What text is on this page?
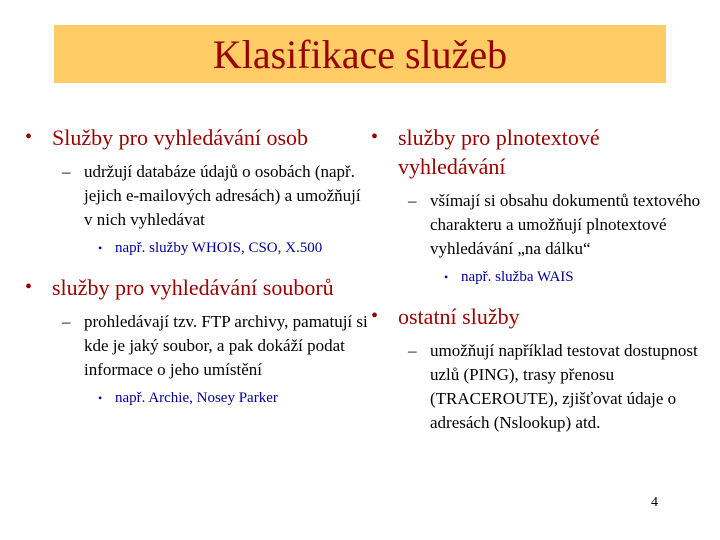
Klasifikace služeb
• Služby pro vyhledávání osob
– udržují databáze údajů o osobách (např. jejich e-mailových adresách) a umožňují v nich vyhledávat
• např. služby WHOIS, CSO, X.500
• služby pro vyhledávání souborů
– prohledávají tzv. FTP archivy, pamatují si kde je jaký soubor, a pak dokáží podat informace o jeho umístění
• např. Archie, Nosey Parker
• služby pro plnotextové vyhledávání
– všímají si obsahu dokumentů textového charakteru a umožňují plnotextové vyhledávání „na dálku“
• např. služba WAIS
• ostatní služby
– umožňují například testovat dostupnost uzlů (PING), trasy přenosu (TRACEROUTE), zjišťovat údaje o adresách (Nslookup) atd.
4
